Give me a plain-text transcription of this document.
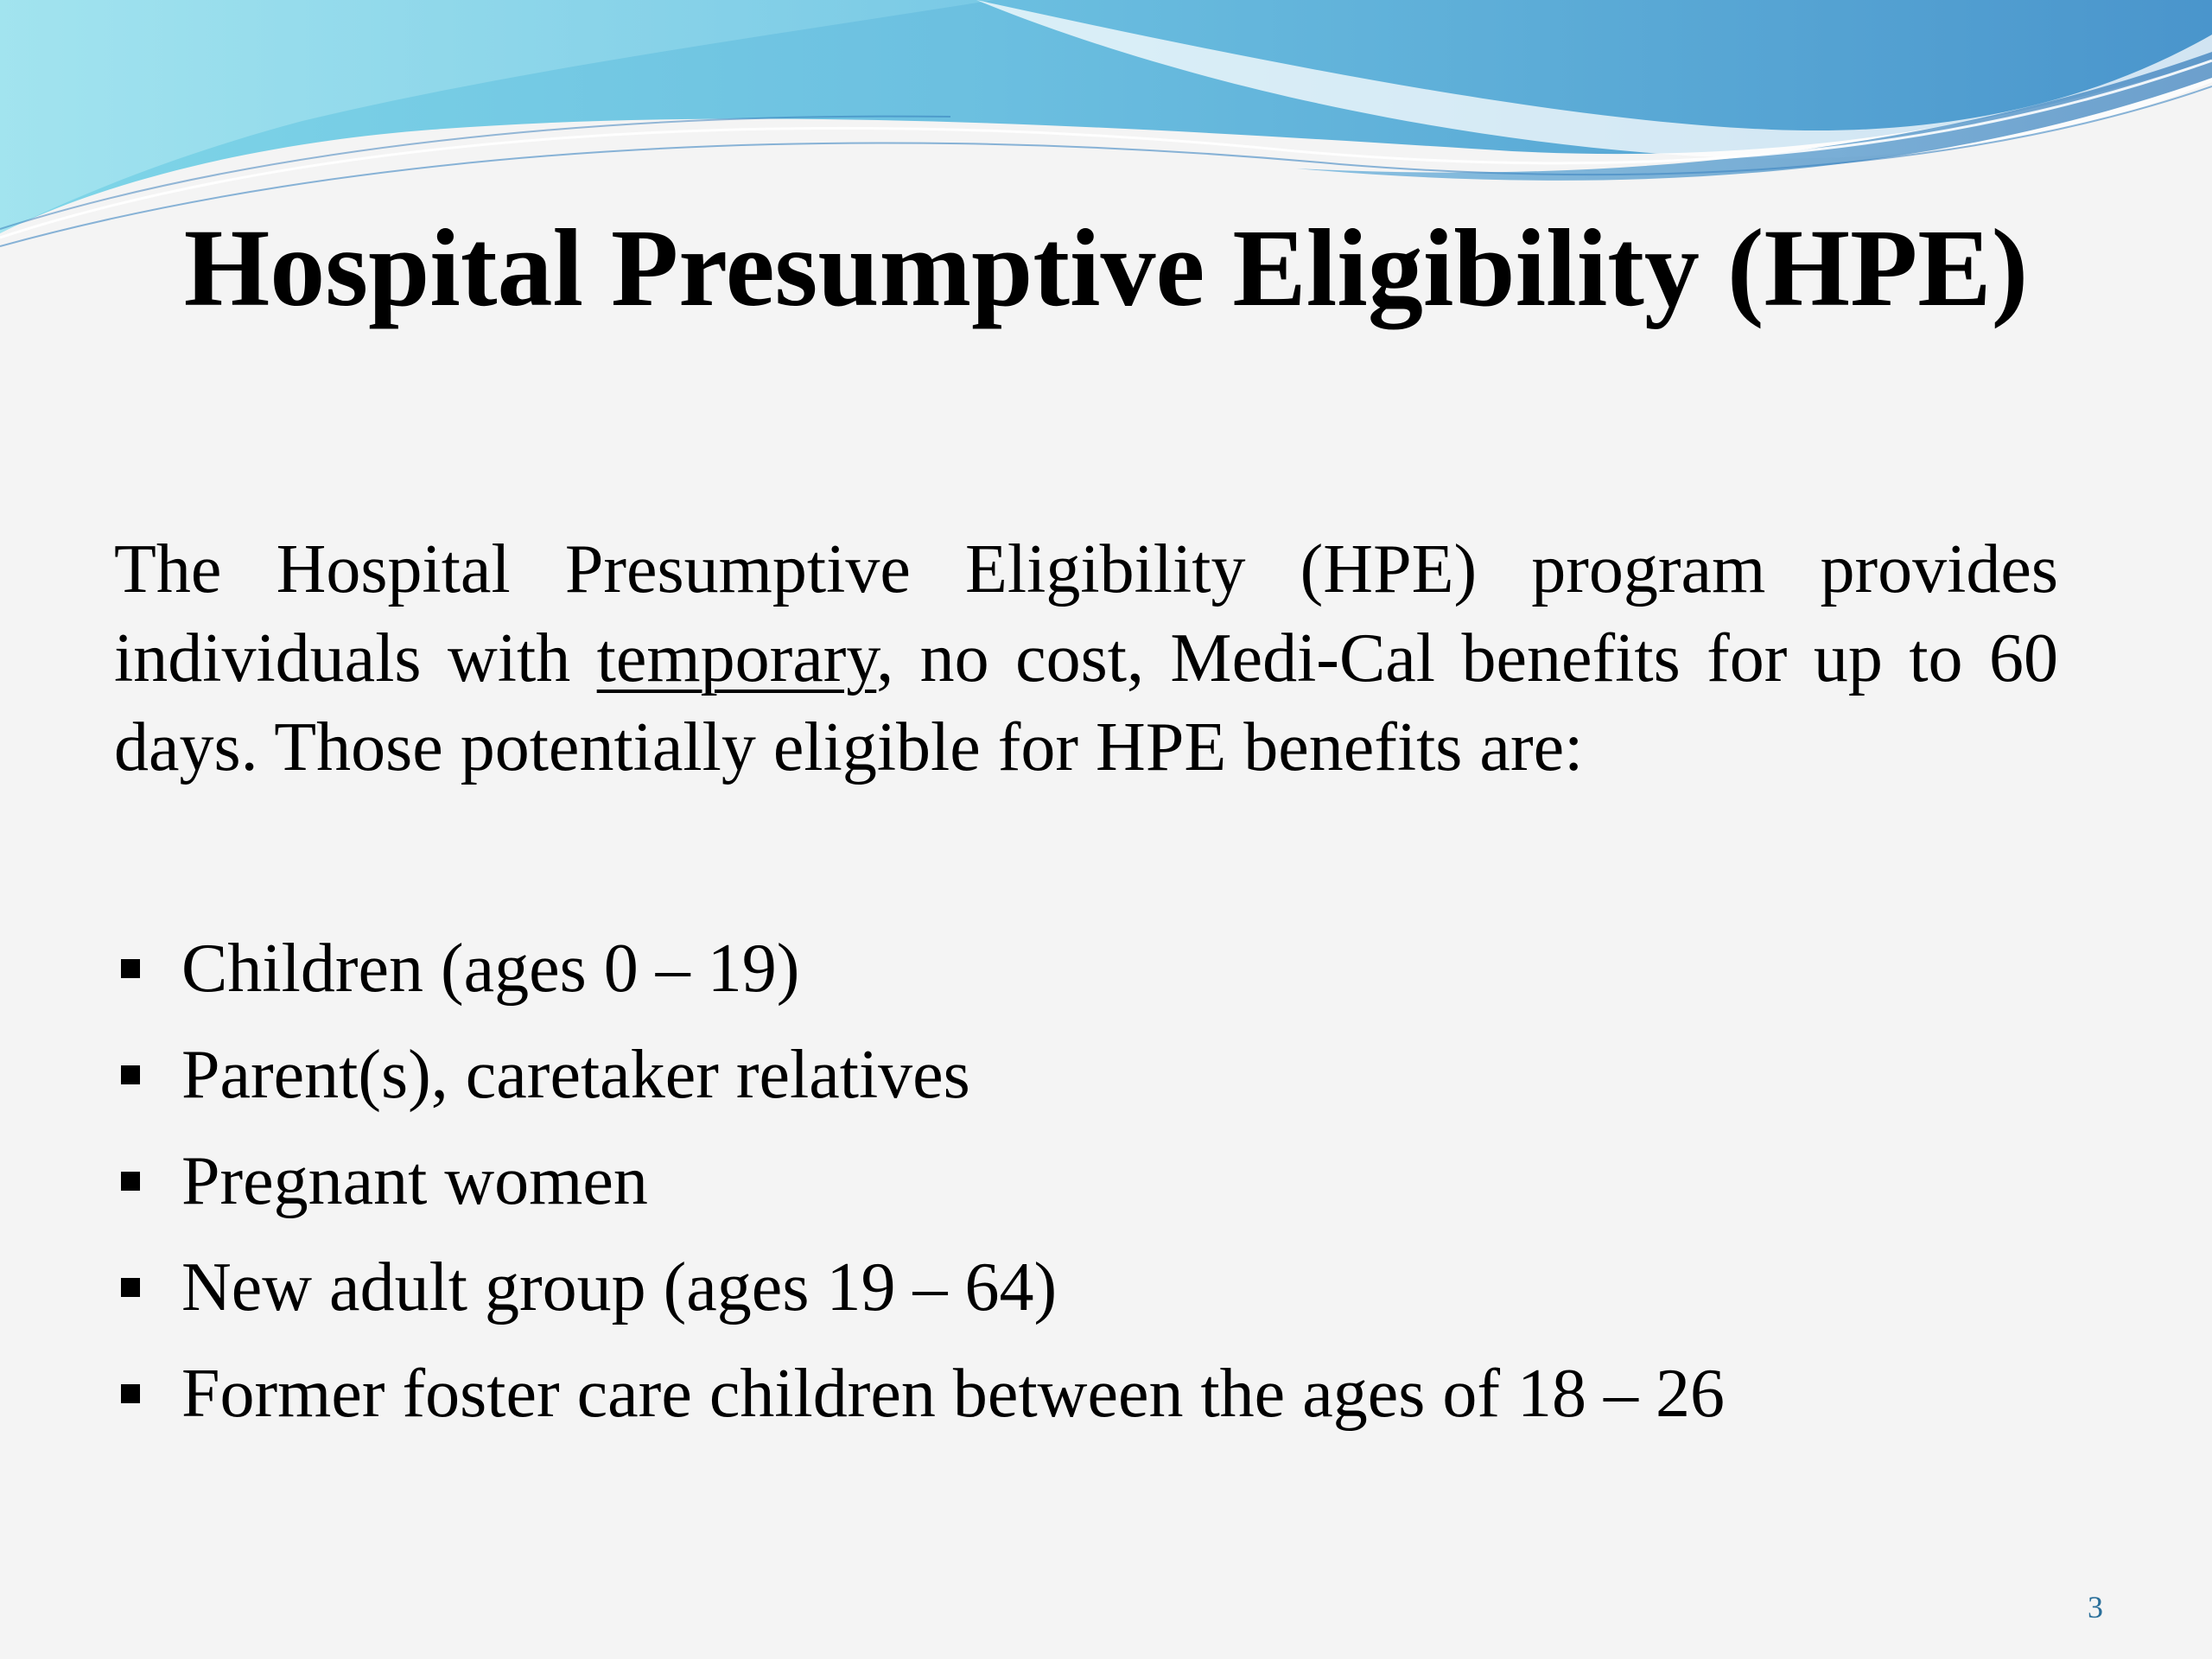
Hospital Presumptive Eligibility (HPE)

The Hospital Presumptive Eligibility (HPE) program provides individuals with temporary, no cost, Medi-Cal benefits for up to 60 days. Those potentially eligible for HPE benefits are:

Children (ages 0 – 19)
Parent(s), caretaker relatives
Pregnant women
New adult group (ages 19 – 64)
Former foster care children between the ages of 18 – 26
3
